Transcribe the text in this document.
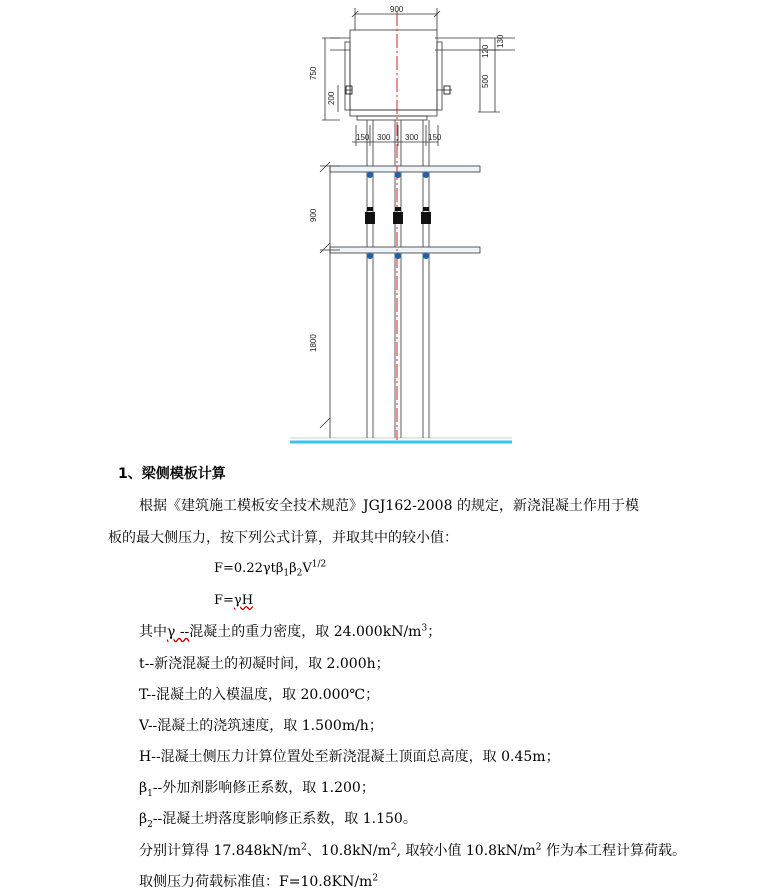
900
750
200
120
130
500
150 300 300 150
900
1800
1、梁侧模板计算
根据《建筑施工模板安全技术规范》JGJ162-2008 的规定，新浇混凝土作用于模
板的最大侧压力，按下列公式计算，并取其中的较小值：
$F=0.22\gamma t\beta_1\beta_2V^{1/2}$
F=γH
其中γ --混凝土的重力密度，取 $24.000kN/m^3$；
t--新浇混凝土的初凝时间，取 2.000h；
T--混凝土的入模温度，取 20.000℃；
V--混凝土的浇筑速度，取 1.500m/h；
H--混凝土侧压力计算位置处至新浇混凝土顶面总高度，取 0.45m；
$\beta_1--$外加剂影响修正系数，取 1.200；
$\beta_2--$混凝土坍落度影响修正系数，取 1.150。
分别计算得 $17.848kN/m^2$、$10.8kN/m^2$, 取较小值 $10.8kN/m^2$ 作为本工程计算荷载。
取侧压力荷载标准值：$F=10.8KN/m^2$
